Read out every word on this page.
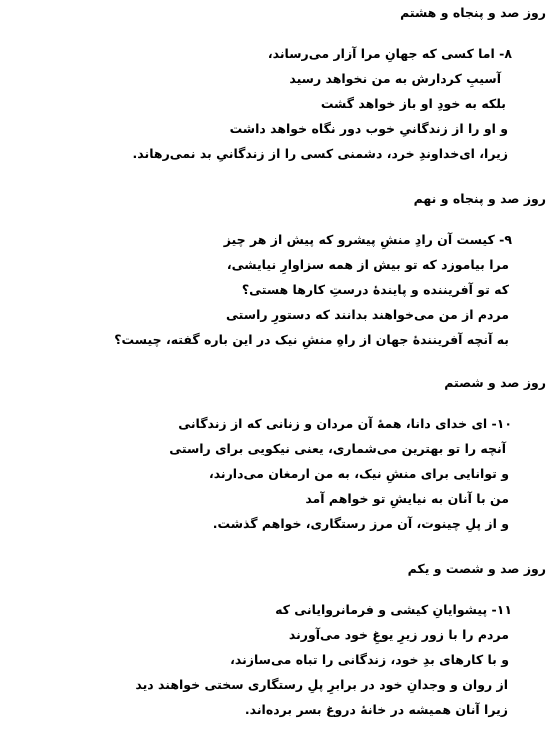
روز صد و پنجاه و هشتم
۸- اما کسی که جهانِ مرا آزار می‌رساند،
آسیبِ کردارش به من نخواهد رسید
بلکه به خودِ او باز خواهد گشت
و او را از زندگانیِ خوب دور نگاه خواهد داشت
زیرا، ای‌خداوندِ خرد، دشمنی کسی را از زندگانیِ بد نمی‌رهاند.
روز صد و پنجاه و نهم
۹- کیست آن رادِ منشِ پیشرو که پیش از هر چیز
مرا بیاموزد که تو بیش از همه سزاوارِ نیایشی،
که تو آفریننده و پایندهٔ درستِ کارها هستی؟
مردم از من می‌خواهند بدانند که دستورِ راستی
به آنچه آفرینندهٔ جهان از راهِ منشِ نیک در این باره گفته، چیست؟
روز صد و شصتم
۱۰- ای خدای دانا، همهٔ آن مردان و زنانی که از زندگانی
آنچه را تو بهترین می‌شماری، یعنی نیکویی برای راستی
و توانایی برای منشِ نیک، به من ارمغان می‌دارند،
من با آنان به نیایشِ تو خواهم آمد
و از پلِ چینوت، آن مرز رستگاری، خواهم گذشت.
روز صد و شصت و یکم
۱۱- پیشوایانِ کیشی و فرمانروایانی که
مردم را با زور زیرِ یوغِ خود می‌آورند
و با کارهای بدِ خود، زندگانی را تباه می‌سازند،
از روان و وجدانِ خود در برابرِ پلِ رستگاری سختی خواهند دید
زیرا آنان همیشه در خانهٔ دروغ بسر برده‌اند.
